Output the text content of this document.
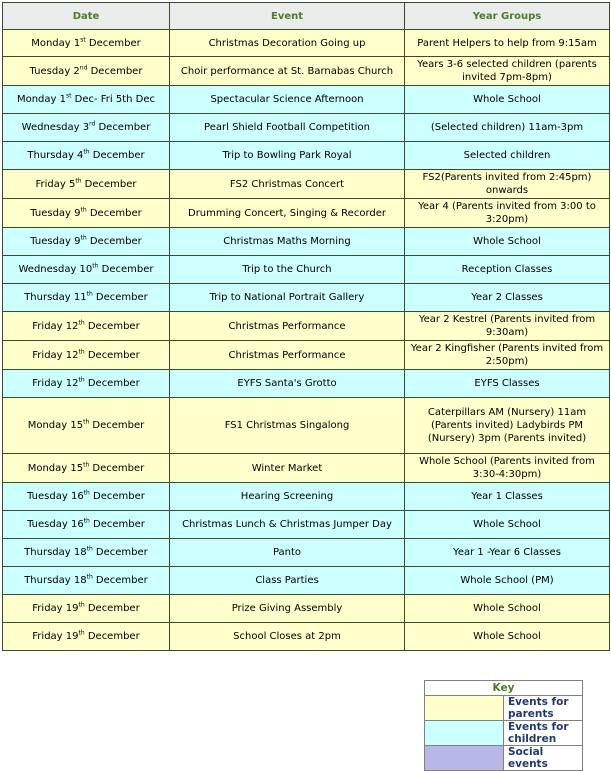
Date	Event	Year Groups
Monday 1st December	Christmas Decoration Going up	Parent Helpers to help from 9:15am
Tuesday 2nd December	Choir performance at St. Barnabas Church	Years 3-6 selected children (parents invited 7pm-8pm)
Monday 1st Dec- Fri 5th Dec	Spectacular Science Afternoon	Whole School
Wednesday 3rd December	Pearl Shield Football Competition	(Selected children) 11am-3pm
Thursday 4th December	Trip to Bowling Park Royal	Selected children
Friday 5th December	FS2 Christmas Concert	FS2(Parents invited from 2:45pm) onwards
Tuesday 9th December	Drumming Concert, Singing & Recorder	Year 4 (Parents invited from 3:00 to 3:20pm)
Tuesday 9th December	Christmas Maths Morning	Whole School
Wednesday 10th December	Trip to the Church	Reception Classes
Thursday 11th December	Trip to National Portrait Gallery	Year 2 Classes
Friday 12th December	Christmas Performance	Year 2 Kestrel (Parents invited from 9:30am)
Friday 12th December	Christmas Performance	Year 2 Kingfisher (Parents invited from 2:50pm)
Friday 12th December	EYFS Santa's Grotto	EYFS Classes
Monday 15th December	FS1 Christmas Singalong	Caterpillars AM (Nursery) 11am (Parents invited) Ladybirds PM (Nursery) 3pm (Parents invited)
Monday 15th December	Winter Market	Whole School (Parents invited from 3:30-4:30pm)
Tuesday 16th December	Hearing Screening	Year 1 Classes
Tuesday 16th December	Christmas Lunch & Christmas Jumper Day	Whole School
Thursday 18th December	Panto	Year 1 -Year 6 Classes
Thursday 18th December	Class Parties	Whole School (PM)
Friday 19th December	Prize Giving Assembly	Whole School
Friday 19th December	School Closes at 2pm	Whole School
Key	
	Events for parents
	Events for children
	Social events
